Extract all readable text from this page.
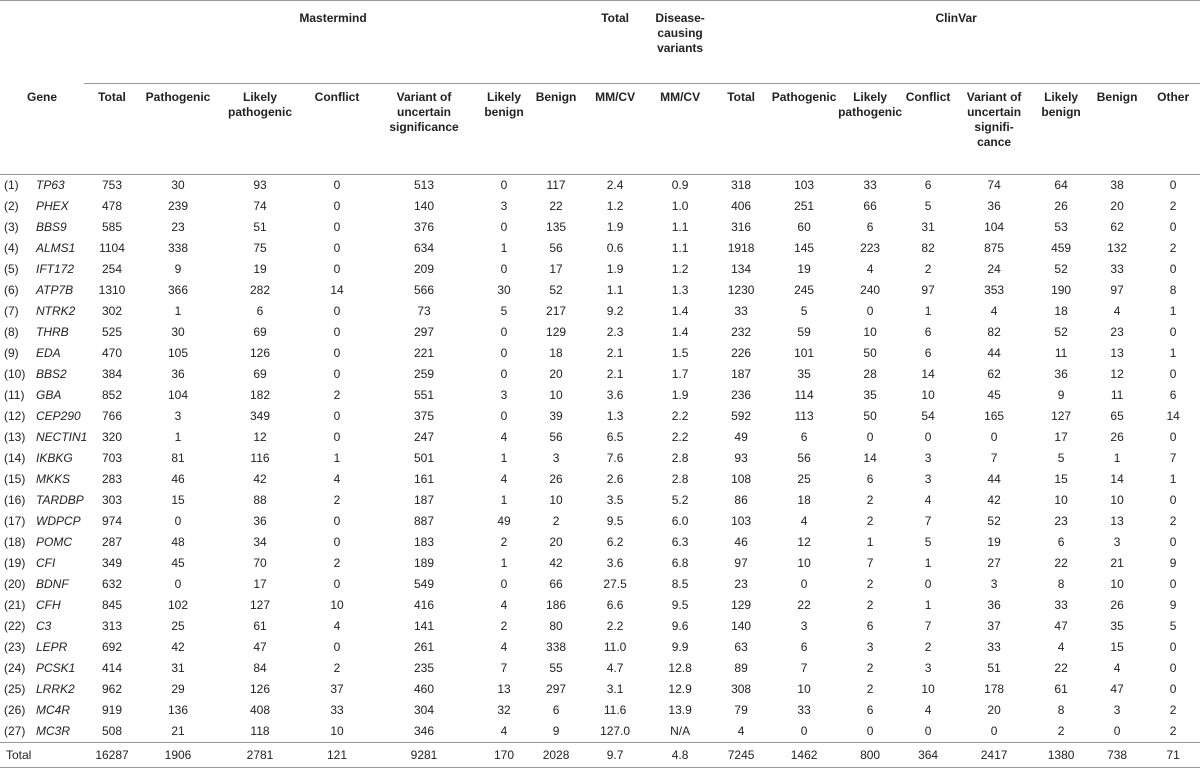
		Mastermind							Total	Disease-
causing
variants	ClinVar							
Gene		Total	Pathogenic	Likely
pathogenic	Conflict	Variant of
uncertain
significance	Likely
benign	Benign	MM/CV	MM/CV	Total	Pathogenic	Likely
pathogenic	Conflict	Variant of
uncertain
signifi-
cance	Likely
benign	Benign	Other
(1)	TP63	753	30	93	0	513	0	117	2.4	0.9	318	103	33	6	74	64	38	0
(2)	PHEX	478	239	74	0	140	3	22	1.2	1.0	406	251	66	5	36	26	20	2
(3)	BBS9	585	23	51	0	376	0	135	1.9	1.1	316	60	6	31	104	53	62	0
(4)	ALMS1	1104	338	75	0	634	1	56	0.6	1.1	1918	145	223	82	875	459	132	2
(5)	IFT172	254	9	19	0	209	0	17	1.9	1.2	134	19	4	2	24	52	33	0
(6)	ATP7B	1310	366	282	14	566	30	52	1.1	1.3	1230	245	240	97	353	190	97	8
(7)	NTRK2	302	1	6	0	73	5	217	9.2	1.4	33	5	0	1	4	18	4	1
(8)	THRB	525	30	69	0	297	0	129	2.3	1.4	232	59	10	6	82	52	23	0
(9)	EDA	470	105	126	0	221	0	18	2.1	1.5	226	101	50	6	44	11	13	1
(10)	BBS2	384	36	69	0	259	0	20	2.1	1.7	187	35	28	14	62	36	12	0
(11)	GBA	852	104	182	2	551	3	10	3.6	1.9	236	114	35	10	45	9	11	6
(12)	CEP290	766	3	349	0	375	0	39	1.3	2.2	592	113	50	54	165	127	65	14
(13)	NECTIN1	320	1	12	0	247	4	56	6.5	2.2	49	6	0	0	0	17	26	0
(14)	IKBKG	703	81	116	1	501	1	3	7.6	2.8	93	56	14	3	7	5	1	7
(15)	MKKS	283	46	42	4	161	4	26	2.6	2.8	108	25	6	3	44	15	14	1
(16)	TARDBP	303	15	88	2	187	1	10	3.5	5.2	86	18	2	4	42	10	10	0
(17)	WDPCP	974	0	36	0	887	49	2	9.5	6.0	103	4	2	7	52	23	13	2
(18)	POMC	287	48	34	0	183	2	20	6.2	6.3	46	12	1	5	19	6	3	0
(19)	CFI	349	45	70	2	189	1	42	3.6	6.8	97	10	7	1	27	22	21	9
(20)	BDNF	632	0	17	0	549	0	66	27.5	8.5	23	0	2	0	3	8	10	0
(21)	CFH	845	102	127	10	416	4	186	6.6	9.5	129	22	2	1	36	33	26	9
(22)	C3	313	25	61	4	141	2	80	2.2	9.6	140	3	6	7	37	47	35	5
(23)	LEPR	692	42	47	0	261	4	338	11.0	9.9	63	6	3	2	33	4	15	0
(24)	PCSK1	414	31	84	2	235	7	55	4.7	12.8	89	7	2	3	51	22	4	0
(25)	LRRK2	962	29	126	37	460	13	297	3.1	12.9	308	10	2	10	178	61	47	0
(26)	MC4R	919	136	408	33	304	32	6	11.6	13.9	79	33	6	4	20	8	3	2
(27)	MC3R	508	21	118	10	346	4	9	127.0	N/A	4	0	0	0	0	2	0	2
Total		16287	1906	2781	121	9281	170	2028	9.7	4.8	7245	1462	800	364	2417	1380	738	71
